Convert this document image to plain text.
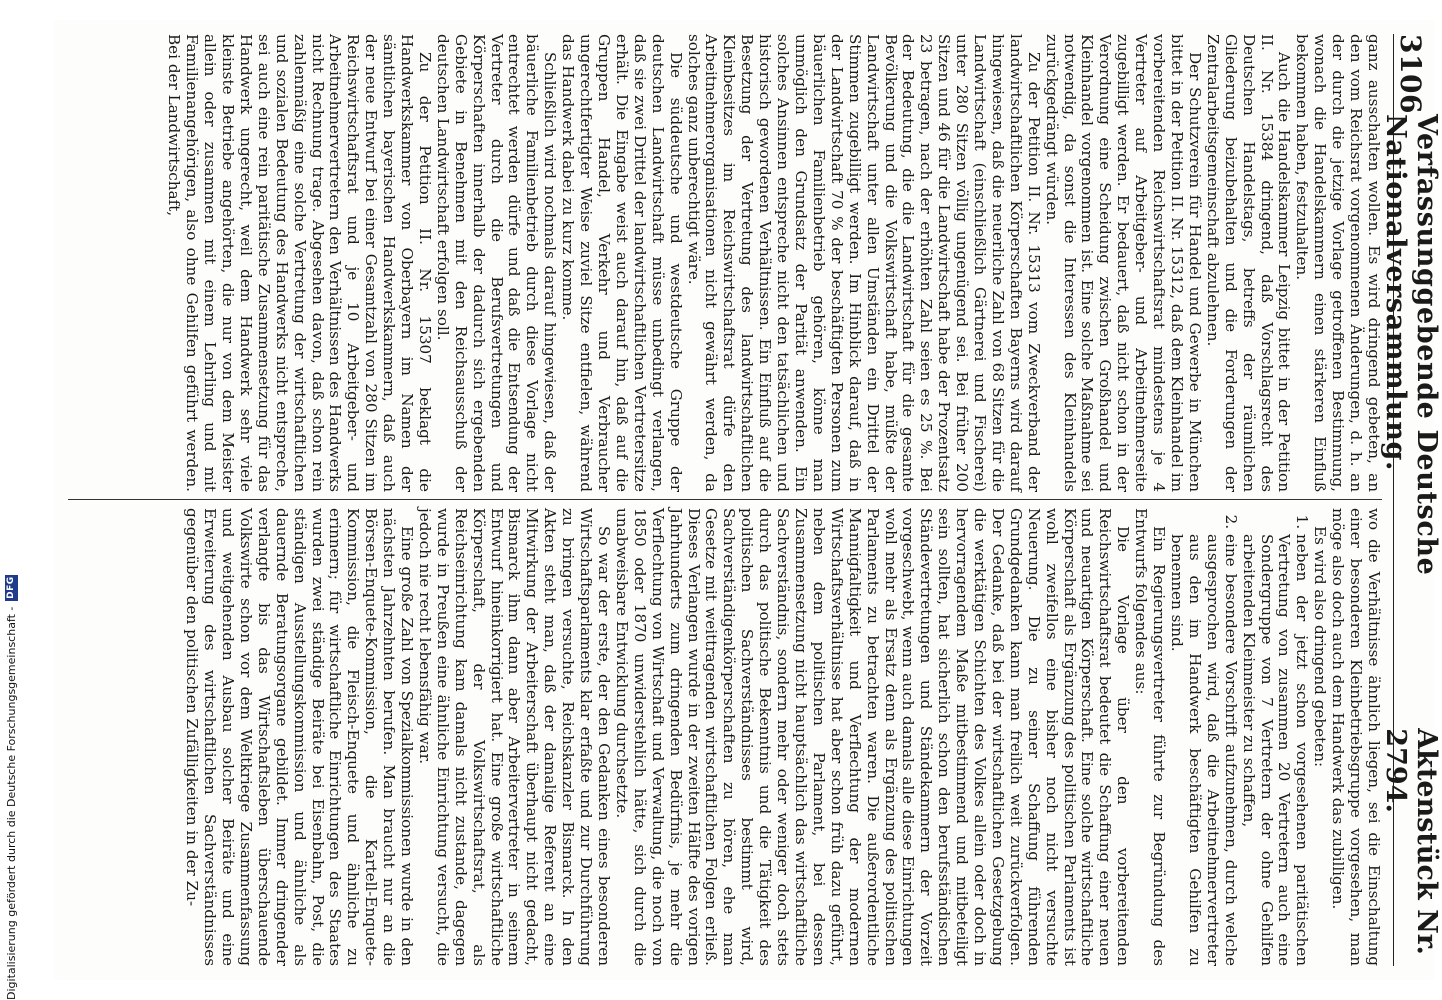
3106
Verfassunggebende Deutsche Nationalversammlung.
Aktenstück Nr. 2794.

ganz ausschalten wollen. Es wird dringend gebeten, an den vom Reichsrat vorgenommenen Änderungen, d. h. an der durch die jetzige Vorlage getroffenen Bestimmung, wonach die Handelskammern einen stärkeren Einfluß bekommen haben, festzuhalten.

Auch die Handelskammer Leipzig bittet in der Petition II. Nr. 15384 dringend, daß Vorschlagsrecht des Deutschen Handelstags, betreffs der räumlichen Gliederung beizubehalten und die Forderungen der Zentralarbeitsgemeinschaft abzulehnen.

Der Schutzverein für Handel und Gewerbe in München bittet in der Petition II. Nr. 15312, daß dem Kleinhandel im vorbereitenden Reichswirtschaftsrat mindestens je 4 Vertreter auf Arbeitgeber- und Arbeitnehmerseite zugebilligt werden. Er bedauert, daß nicht schon in der Verordnung eine Scheidung zwischen Großhandel und Kleinhandel vorgenommen ist. Eine solche Maßnahme sei notwendig, da sonst die Interessen des Kleinhandels zurückgedrängt würden.

Zu der Petition II. Nr. 15313 vom Zweckverband der landwirtschaftlichen Körperschaften Bayerns wird darauf hingewiesen, daß die neuerliche Zahl von 68 Sitzen für die Landwirtschaft (einschließlich Gärtnerei und Fischerei) unter 280 Sitzen völlig ungenügend sei. Bei früher 200 Sitzen und 46 für die Landwirtschaft habe der Prozentsatz 23 betragen, nach der erhöhten Zahl seien es 25 %. Bei der Bedeutung, die die Landwirtschaft für die gesamte Bevölkerung und die Volkswirtschaft habe, müßte der Landwirtschaft unter allen Umständen ein Drittel der Stimmen zugebilligt werden. Im Hinblick darauf, daß in der Landwirtschaft 70 % der beschäftigten Personen zum bäuerlichen Familienbetrieb gehören, könne man unmöglich den Grundsatz der Parität anwenden. Ein solches Ansinnen entspreche nicht den tatsächlichen und historisch gewordenen Verhältnissen. Ein Einfluß auf die Besetzung der Vertretung des landwirtschaftlichen Kleinbesitzes im Reichswirtschaftsrat dürfe den Arbeitnehmerorganisationen nicht gewährt werden, da solches ganz unberechtigt wäre.

Die süddeutsche und westdeutsche Gruppe der deutschen Landwirtschaft müsse unbedingt verlangen, daß sie zwei Drittel der landwirtschaftlichen Vertretersitze erhält. Die Eingabe weist auch darauf hin, daß auf die Gruppen Handel, Verkehr und Verbraucher ungerechtfertigter Weise zuviel Sitze entfielen, während das Handwerk dabei zu kurz komme.

Schließlich wird nochmals darauf hingewiesen, daß der bäuerliche Familienbetrieb durch diese Vorlage nicht entrechtet werden dürfe und daß die Entsendung der Vertreter durch die Berufsvertretungen und Körperschaften innerhalb der dadurch sich ergebenden Gebiete in Benehmen mit den Reichsausschuß der deutschen Landwirtschaft erfolgen soll.

Zu der Petition II. Nr. 15307 beklagt die Handwerkskammer von Oberbayern im Namen der sämtlichen bayerischen Handwerkskammern, daß auch der neue Entwurf bei einer Gesamtzahl von 280 Sitzen im Reichswirtschaftsrat und je 10 Arbeitgeber- und Arbeitnehmervertretern den Verhältnissen des Handwerks nicht Rechnung trage. Abgesehen davon, daß schon rein zahlenmäßig eine solche Vertretung der wirtschaftlichen und sozialen Bedeutung des Handwerks nicht entspreche, sei auch eine rein paritätische Zusammensetzung für das Handwerk ungerecht, weil dem Handwerk sehr viele kleinste Betriebe angehörten, die nur von dem Meister allein oder zusammen mit einem Lehrling und mit Familienangehörigen, also ohne Gehilfen geführt werden. Bei der Landwirtschaft,

wo die Verhältnisse ähnlich liegen, sei die Einschaltung einer besonderen Kleinbetriebsgruppe vorgesehen, man möge also doch auch dem Handwerk das zubilligen.

Es wird also dringend gebeten:

1. neben der jetzt schon vorgesehenen paritätischen Vertretung von zusammen 20 Vertretern auch eine Sondergruppe von 7 Vertretern der ohne Gehilfen arbeitenden Kleinmeister zu schaffen,
2. eine besondere Vorschrift aufzunehmen, durch welche ausgesprochen wird, daß die Arbeitnehmervertreter aus den im Handwerk beschäftigten Gehilfen zu benennen sind.

Ein Regierungsvertreter führte zur Begründung des Entwurfs folgendes aus:

Die Vorlage über den vorbereitenden Reichswirtschaftsrat bedeutet die Schaffung einer neuen und neuartigen Körperschaft. Eine solche wirtschaftliche Körperschaft als Ergänzung des politischen Parlaments ist wohl zweifellos eine bisher noch nicht versuchte Neuerung. Die zu seiner Schaffung führenden Grundgedanken kann man freilich weit zurückverfolgen. Der Gedanke, daß bei der wirtschaftlichen Gesetzgebung die werktätigen Schichten des Volkes allein oder doch in hervorragendem Maße mitbestimmend und mitbeteiligt sein sollten, hat sicherlich schon den berufsständischen Ständevertretungen und Ständekammern der Vorzeit vorgeschwebt, wenn auch damals alle diese Einrichtungen wohl mehr als Ersatz denn als Ergänzung des politischen Parlaments zu betrachten waren. Die außerordentliche Mannigfaltigkeit und Verflechtung der modernen Wirtschaftsverhältnisse hat aber schon früh dazu geführt, neben dem politischen Parlament, bei dessen Zusammensetzung nicht hauptsächlich das wirtschaftliche Sachverständnis, sondern mehr oder weniger doch stets durch das politische Bekenntnis und die Tätigkeit des politischen Sachverständnisses bestimmt wird, Sachverständigenkörperschaften zu hören, ehe man Gesetze mit weittragenden wirtschaftlichen Folgen erließ. Dieses Verlangen wurde in der zweiten Hälfte des vorigen Jahrhunderts zum dringenden Bedürfnis, je mehr die Verflechtung von Wirtschaft und Verwaltung, die noch von 1850 oder 1870 unwiderstehlich hätte, sich durch die unabweisbare Entwicklung durchsetzte.

So war der erste, der den Gedanken eines besonderen Wirtschaftsparlaments klar erfaßte und zur Durchführung zu bringen versuchte, Reichskanzler Bismarck. In den Akten steht man, daß der damalige Referent an eine Mitwirkung der Arbeiterschaft überhaupt nicht gedacht, Bismarck ihm dann aber Arbeitervertreter in seinem Entwurf hineinkorrigiert hat. Eine große wirtschaftliche Körperschaft, der Volkswirtschaftsrat, als Reichseinrichtung kam damals nicht zustande, dagegen wurde in Preußen eine ähnliche Einrichtung versucht, die jedoch nie recht lebensfähig war.

Eine große Zahl von Spezialkommissionen wurde in den nächsten Jahrzehnten berufen. Man braucht nur an die Börsen-Enquete-Kommission, die Kartell-Enquete-Kommission, die Fleisch-Enquete und ähnliche zu erinnern; für wirtschaftliche Einrichtungen des Staates wurden zwei ständige Beiräte bei Eisenbahn, Post, die ständigen Ausstellungskommission und ähnliche als dauernde Beratungsorgane gebildet. Immer dringender verlangte bis das Wirtschaftsleben überschauende Volkswirte schon vor dem Weltkriege Zusammenfassung und weitgehenden Ausbau solcher Beiräte und eine Erweiterung des wirtschaftlichen Sachverständnisses gegenüber den politischen Zufälligkeiten in der Zu-

Digitalisierung gefördert durch die Deutsche Forschungsgemeinschaft -
DFG
